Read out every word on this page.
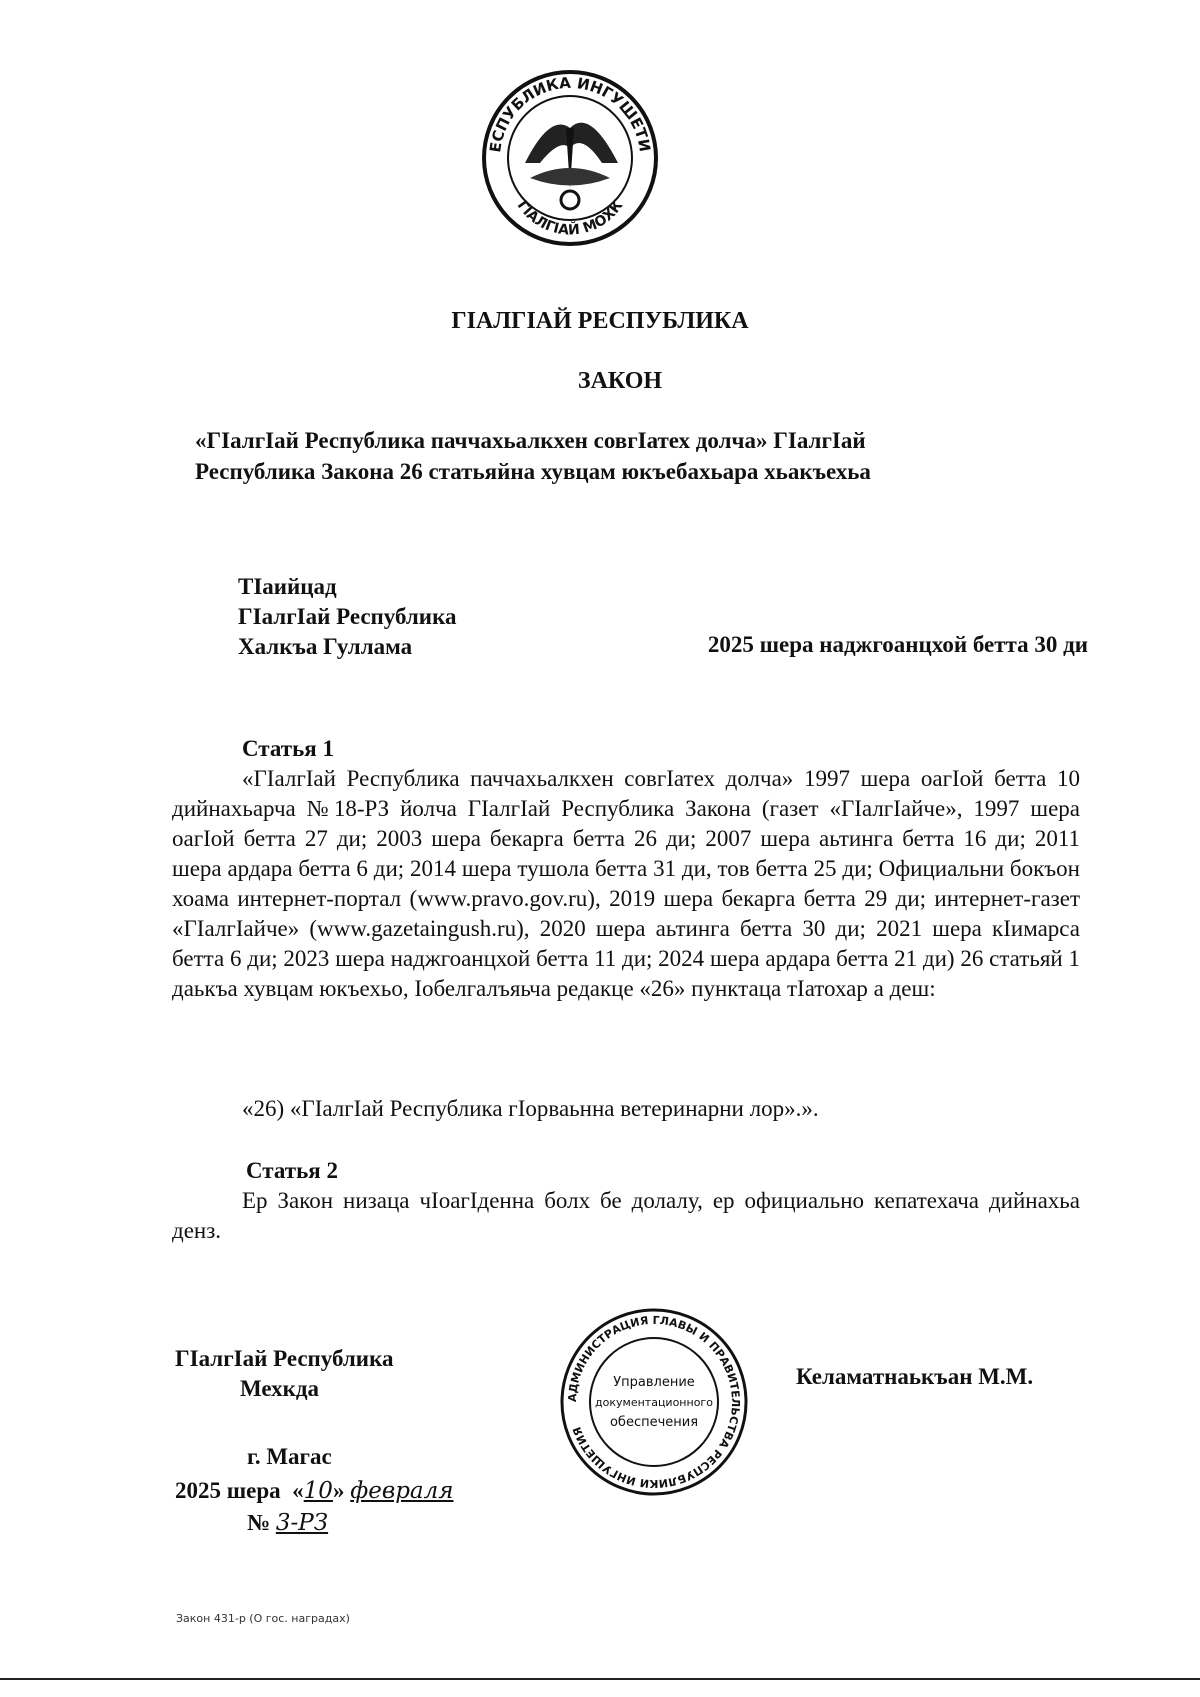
ЕСПУБЛИКА ИНГУШЕТИ
ГIАЛГIАЙ МОХК
ГIАЛГIАЙ РЕСПУБЛИКА
ЗАКОН
«ГIалгIай Республика паччахьалкхен совгIатех долча» ГIалгIай
Республика Закона 26 статьяйна хувцам юкъебахьара хьакъехьа
ТIаийцад
ГIалгIай Республика
Халкъа Гуллама	2025 шера наджгоанцхой бетта 30 ди
Статья 1
«ГIалгIай Республика паччахьалкхен совгIатех долча» 1997 шера оагIой бетта 10 дийнахьарча №18-РЗ йолча ГIалгIай Республика Закона (газет «ГIалгIайче», 1997 шера оагIой бетта 27 ди; 2003 шера бекарга бетта 26 ди; 2007 шера аьтинга бетта 16 ди; 2011 шера ардара бетта 6 ди; 2014 шера тушола бетта 31 ди, тов бетта 25 ди; Официальни бокъон хоама интернет-портал (www.pravo.gov.ru), 2019 шера бекарга бетта 29 ди; интернет-газет «ГIалгIайче» (www.gazetaingush.ru), 2020 шера аьтинга бетта 30 ди; 2021 шера кIимарса бетта 6 ди; 2023 шера наджгоанцхой бетта 11 ди; 2024 шера ардара бетта 21 ди) 26 статьяй 1 даькъа хувцам юкъехьо, Iобелгалъяьча редакце «26» пунктаца тIатохар а деш:
«26) «ГIалгIай Республика гIорваьнна ветеринарни лор».».
Статья 2
Ер Закон низаца чIоагIденна болх бе долалу, ер официально кепатехача дийнахьа денз.
ГIалгIай Республика
Мехкда	АДМИНИСТРАЦИЯ ГЛАВЫ И ПРАВИТЕЛЬСТВА РЕСПУБЛИКИ ИНГУШЕТИЯ
Управление
документационного
обеспечения
Келаматнаькъан М.М.
г. Магас
2025 шера  «10» февраля
№ 3-РЗ
Закон 431-р (О гос. наградах)
